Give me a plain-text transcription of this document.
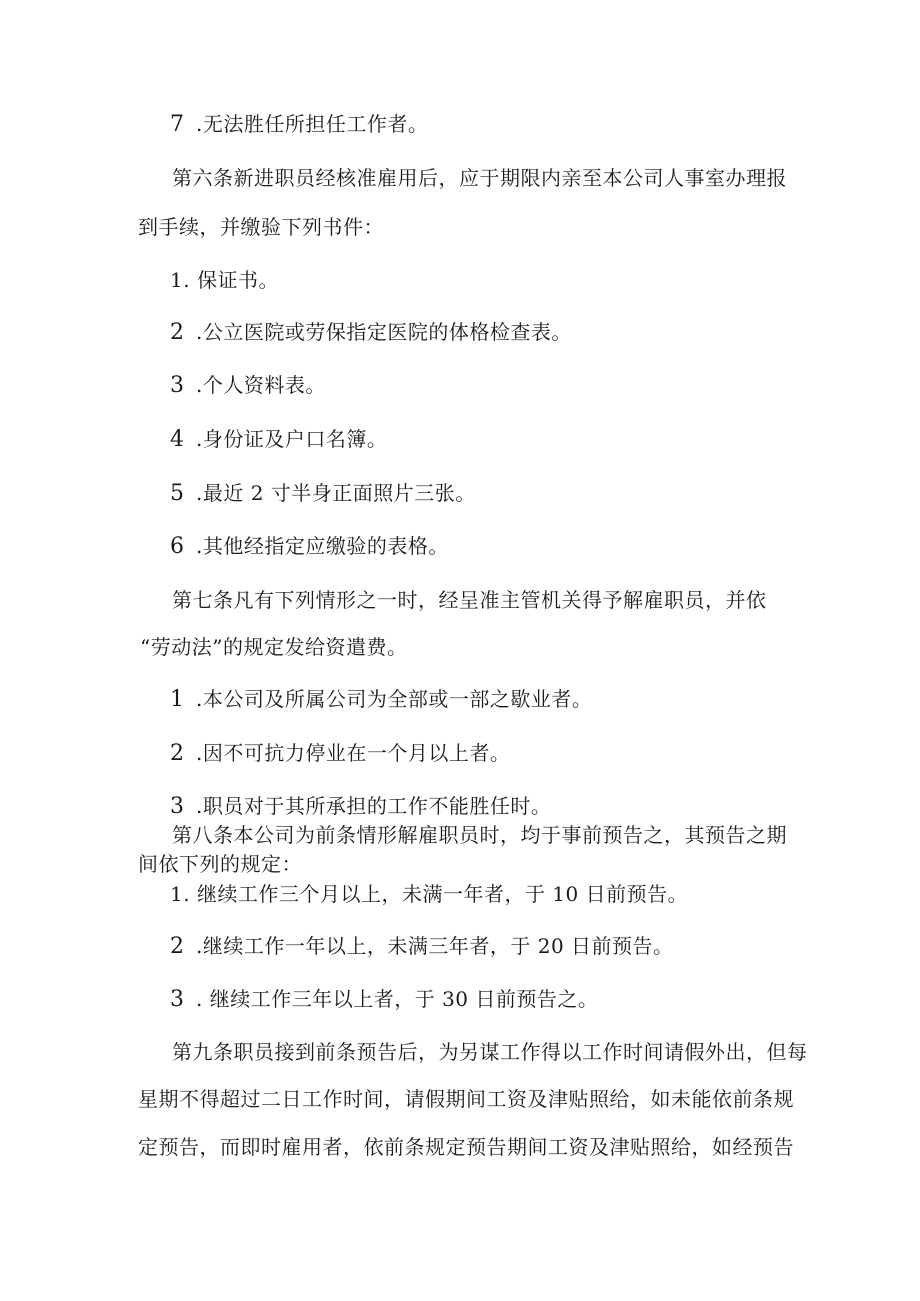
7 .无法胜任所担任工作者。
第六条新进职员经核准雇用后，应于期限内亲至本公司人事室办理报
到手续，并缴验下列书件：
1. 保证书。
2 .公立医院或劳保指定医院的体格检查表。
3 .个人资料表。
4 .身份证及户口名簿。
5 .最近 2 寸半身正面照片三张。
6 .其他经指定应缴验的表格。
第七条凡有下列情形之一时，经呈准主管机关得予解雇职员，并依
“劳动法”的规定发给资遣费。
1 .本公司及所属公司为全部或一部之歇业者。
2 .因不可抗力停业在一个月以上者。
3 .职员对于其所承担的工作不能胜任时。
第八条本公司为前条情形解雇职员时，均于事前预告之，其预告之期
间依下列的规定：
1. 继续工作三个月以上，未满一年者，于 10 日前预告。
2 .继续工作一年以上，未满三年者，于 20 日前预告。
3 . 继续工作三年以上者，于 30 日前预告之。
第九条职员接到前条预告后，为另谋工作得以工作时间请假外出，但每
星期不得超过二日工作时间，请假期间工资及津贴照给，如未能依前条规
定预告，而即时雇用者，依前条规定预告期间工资及津贴照给，如经预告
